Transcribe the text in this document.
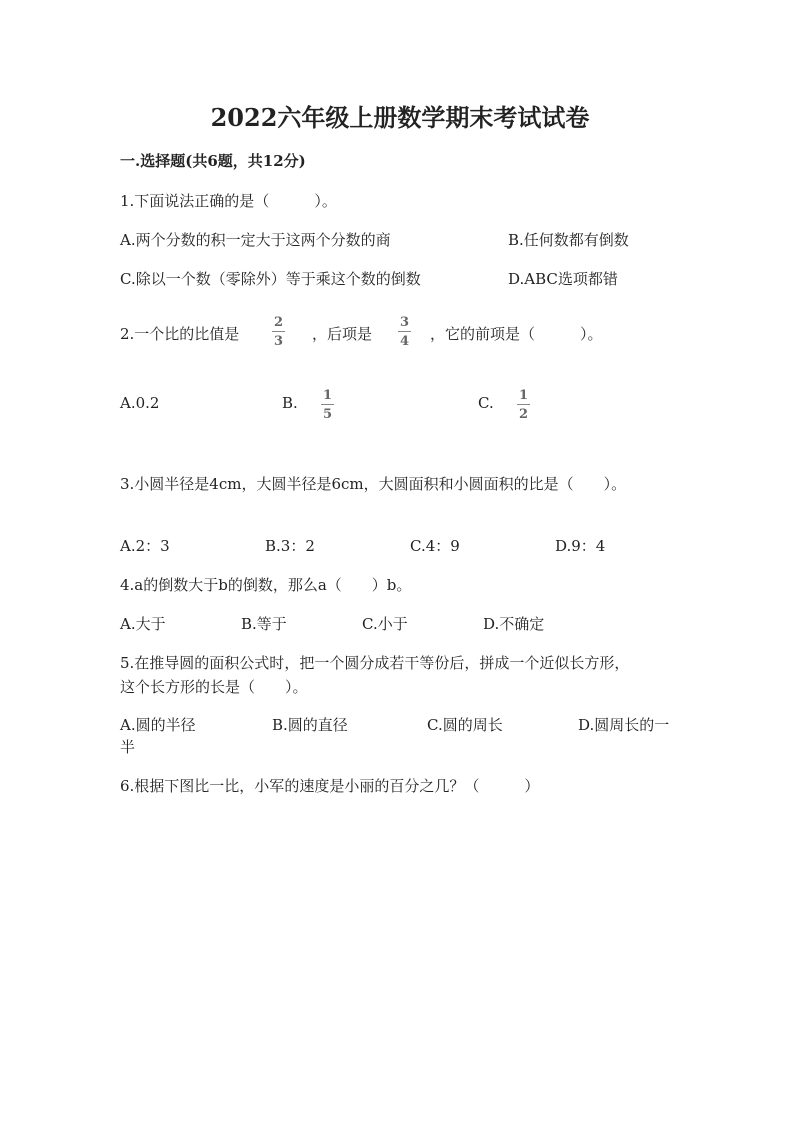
2022六年级上册数学期末考试试卷
一.选择题(共6题，共12分)
1.下面说法正确的是（　　　）。
A.两个分数的积一定大于这两个分数的商	B.任何数都有倒数
C.除以一个数（零除外）等于乘这个数的倒数	D.ABC选项都错
2.一个比的比值是	$\frac{2}{3}$ ，后项是 $\frac{3}{4}$ ，它的前项是（　　　）。
A.0.2	B. $\frac{1}{5}$	C. $\frac{1}{2}$
3.小圆半径是4cm，大圆半径是6cm，大圆面积和小圆面积的比是（　　）。
A.2：3	B.3：2	C.4：9	D.9：4
4.a的倒数大于b的倒数，那么a（　　）b。
A.大于	B.等于	C.小于	D.不确定
5.在推导圆的面积公式时，把一个圆分成若干等份后，拼成一个近似长方形，
这个长方形的长是（　　）。
A.圆的半径	B.圆的直径	C.圆的周长	D.圆周长的一
半
6.根据下图比一比，小军的速度是小丽的百分之几？（　　　）
